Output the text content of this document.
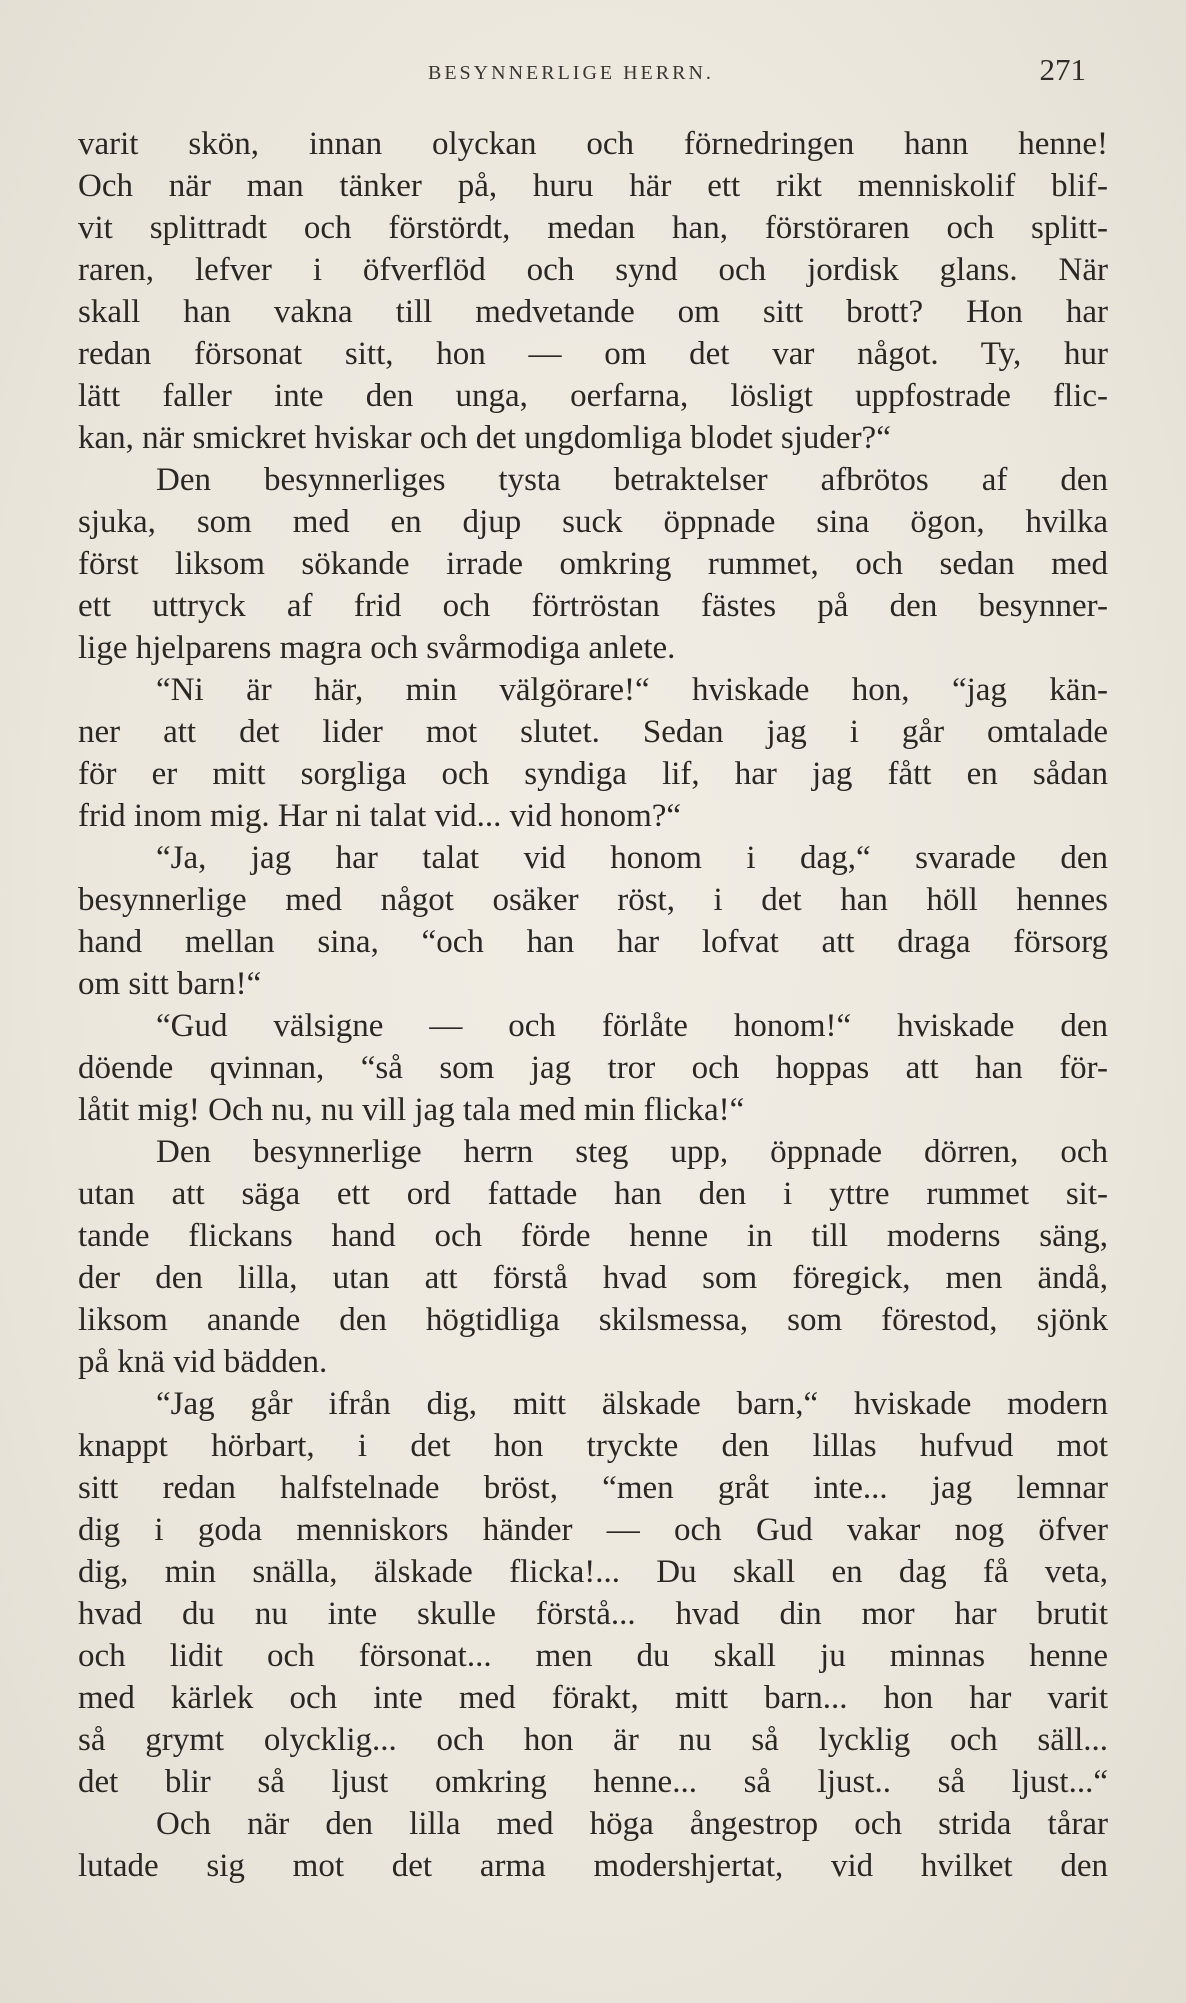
BESYNNERLIGE HERRN.	271
varit skön, innan olyckan och förnedringen hann henne!
Och när man tänker på, huru här ett rikt menniskolif blif-
vit splittradt och förstördt, medan han, förstöraren och splitt-
raren, lefver i öfverflöd och synd och jordisk glans. När
skall han vakna till medvetande om sitt brott? Hon har
redan försonat sitt, hon — om det var något. Ty, hur
lätt faller inte den unga, oerfarna, lösligt uppfostrade flic-
kan, när smickret hviskar och det ungdomliga blodet sjuder?“
Den besynnerliges tysta betraktelser afbrötos af den
sjuka, som med en djup suck öppnade sina ögon, hvilka
först liksom sökande irrade omkring rummet, och sedan med
ett uttryck af frid och förtröstan fästes på den besynner-
lige hjelparens magra och svårmodiga anlete.
“Ni är här, min välgörare!“ hviskade hon, “jag kän-
ner att det lider mot slutet. Sedan jag i går omtalade
för er mitt sorgliga och syndiga lif, har jag fått en sådan
frid inom mig. Har ni talat vid... vid honom?“
“Ja, jag har talat vid honom i dag,“ svarade den
besynnerlige med något osäker röst, i det han höll hennes
hand mellan sina, “och han har lofvat att draga försorg
om sitt barn!“
“Gud välsigne — och förlåte honom!“ hviskade den
döende qvinnan, “så som jag tror och hoppas att han för-
låtit mig! Och nu, nu vill jag tala med min flicka!“
Den besynnerlige herrn steg upp, öppnade dörren, och
utan att säga ett ord fattade han den i yttre rummet sit-
tande flickans hand och förde henne in till moderns säng,
der den lilla, utan att förstå hvad som föregick, men ändå,
liksom anande den högtidliga skilsmessa, som förestod, sjönk
på knä vid bädden.
“Jag går ifrån dig, mitt älskade barn,“ hviskade modern
knappt hörbart, i det hon tryckte den lillas hufvud mot
sitt redan halfstelnade bröst, “men gråt inte... jag lemnar
dig i goda menniskors händer — och Gud vakar nog öfver
dig, min snälla, älskade flicka!... Du skall en dag få veta,
hvad du nu inte skulle förstå... hvad din mor har brutit
och lidit och försonat... men du skall ju minnas henne
med kärlek och inte med förakt, mitt barn... hon har varit
så grymt olycklig... och hon är nu så lycklig och säll...
det blir så ljust omkring henne... så ljust.. så ljust...“
Och när den lilla med höga ångestrop och strida tårar
lutade sig mot det arma modershjertat, vid hvilket den
